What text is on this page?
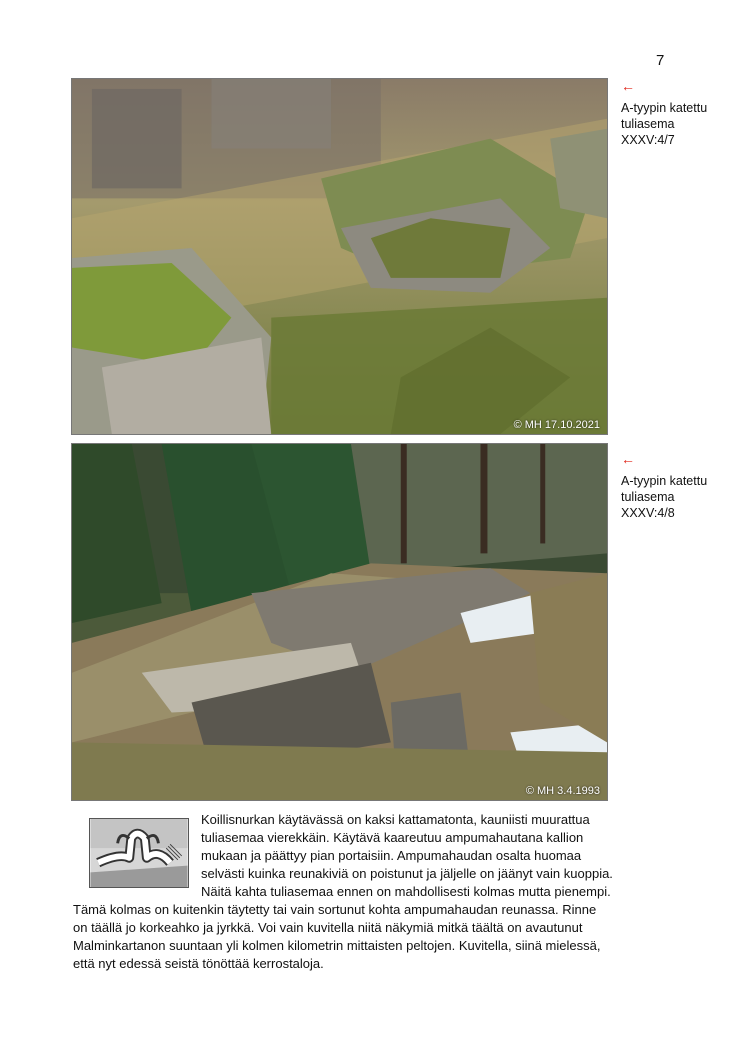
7
© MH 17.10.2021
←
A-tyypin katettu
tuliasema
XXXV:4/7
© MH 3.4.1993
←
A-tyypin katettu
tuliasema
XXXV:4/8
Koillisnurkan käytävässä on kaksi kattamatonta, kauniisti muurattua
tuliasemaa vierekkäin. Käytävä kaareutuu ampumahautana kallion
mukaan ja päättyy pian portaisiin. Ampumahaudan osalta huomaa
selvästi kuinka reunakiviä on poistunut ja jäljelle on jäänyt vain kuoppia.
Näitä kahta tuliasemaa ennen on mahdollisesti kolmas mutta pienempi.
Tämä kolmas on kuitenkin täytetty tai vain sortunut kohta ampumahaudan reunassa. Rinne
on täällä jo korkeahko ja jyrkkä. Voi vain kuvitella niitä näkymiä mitkä täältä on avautunut
Malminkartanon suuntaan yli kolmen kilometrin mittaisten peltojen. Kuvitella, siinä mielessä,
että nyt edessä seistä tönöttää kerrostaloja.
